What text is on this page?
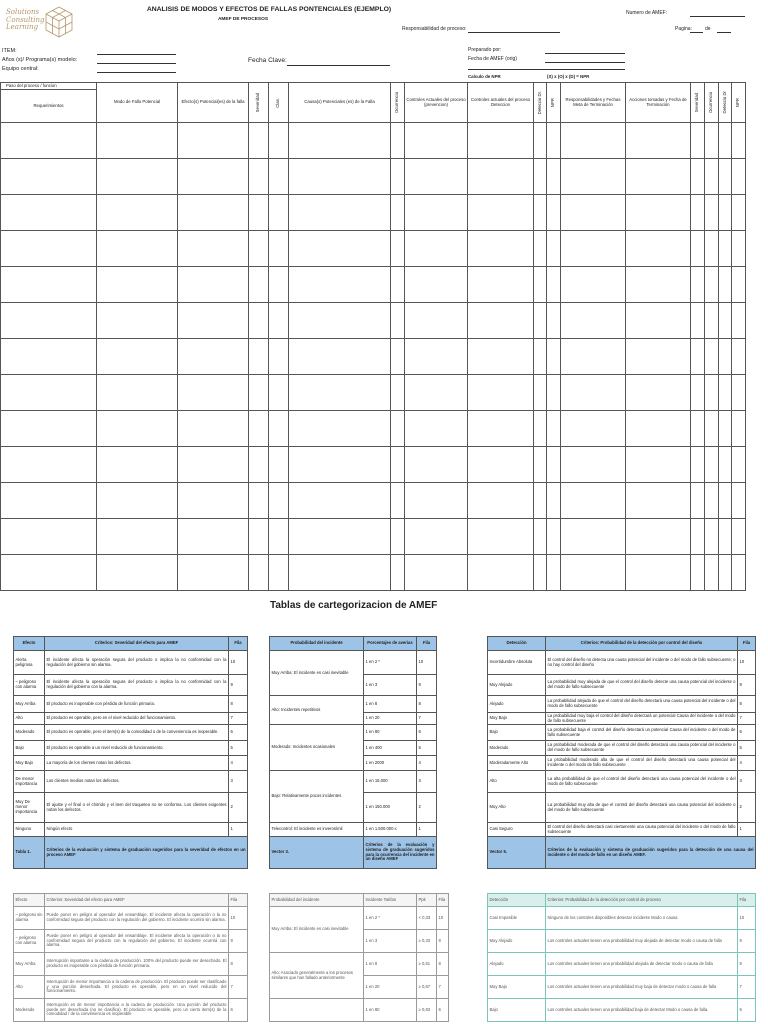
Solutions
Consulting
Learning
ANALISIS DE MODOS Y EFECTOS DE FALLAS PONTENCIALES (EJEMPLO)
AMEF DE PROCESOS
Numero de AMEF:
Responsabilidad de proceso:	Pagina:	de
ITEM:
Años (s)/ Programa(s) modelo:
Equipo central:
Fecha Clave:
Preparado por:
Fecha de AMEF (orig)
Calculo de NPR	(S) x (O) x (D) = NPR
Paso del proceso / funcion	Modo de Fallo Potencial	Efecto(s) Potencial(es) de la falla	Severidad	Clas.	Causa(s) Potenciales (es) de la Falla	Ocurrencia	Controles Actuales del proceso (prevencion)	Controles actuales del proceso Deteccion	Deteccio Dr.	NPR	Responsabilidades y Fechas Meta de Terminación	Acciones tomadas y Fecha de Terminación	Severidad	Ocurrencia	Deteccio Dr	NPR

Requerimientos																

Tablas de cartegorizacion de AMEF
Efecto	Criterios: Severidad del efecto para AMEF	Fila
Alerta peligrosa	El incidente afecta la operación segura del producto o implica la no conformidad con la regulación del gobierno sin alarma.	10
– peligroso con alarma	El incidente afecta la operación segura del producto o implica la no conformidad con la regulación del gobierno con la alarma.	9
Muy Arriba	El producto es inoperable con pérdida de función primaria.	8
Alto	El producto es operable, pero en el nivel reducido del funcionamiento.	7
Moderado	El producto es operable, pero el item(s) de la comodidad o de la conveniencia es inoperable.	6
Bajo	El producto es operable a un nivel reducido de funcionamiento.	5
Muy Bajo	La mayoría de los clientes notan los defectos.	4
De menor importancia	Los clientes medios notan los defectos.	3
Muy De menor importancia	El ajuste y el final o el chirrido y el item del traqueteo no se conforma. Los clientes exigentes notan los defectos.	2
Ninguno	Ningún efecto	1
Tabla 1.	Criterios de la evaluación y sistema de graduación sugeridos para la severidad de efectos en un proceso AMEF	
Probabilidad del incidente	Porcentajes de averias	Fila
Muy Arriba: El incidente es casi inevitable	1 en 2 *	10
	1 en 3	9
Alto: Incidentes repetitivos	1 en 8	8
	1 en 20	7
Moderado: Incidentes ocasionales	1 en 80	6
	1 en 400	5
	1 en 2000	4
Bajo: Relativamente pocos incidentes	1 en 15.000	3
	1 en 150.000	2
Telecontrol: El incidente es inverosímil	1 en 1.500.000 ≤	1
Vector 3.	Criterios de la evaluación y sistema de graduación sugeridos para la ocurrencia del incidente en un diseño AMEF	
Detección	Criterios: Probabilidad de la detección por control del diseño	Fila
Incertidumbre Absoluta	El control del diseño no detecta una causa potencial del incidente o del modo de fallo subsecuente; o no hay control del diseño	10
Muy Alejado	La probabilidad muy alejada de que el control del diseño detecte una causa potencial del incidente o del modo de fallo subsecuente	9
Alejado	La probabilidad alejada de que el control del diseño detectará una causa potencial del incidente o del modo de fallo subsecuente	8
Muy Bajo	La probabilidad muy baja el control del diseño detectará un potencial Causa del incidente o del modo de fallo subsecuente	7
Bajo	La probabilidad baja el control del diseño detectará un potencial Causa del incidente o del modo de fallo subsecuente	6
Moderado	La probabilidad moderada de que el control del diseño detectará una causa potencial del incidente o del modo de fallo subsecuente	5
Moderadamente Alto	La probabilidad moderado alta de que el control del diseño detectará una causa potencial del incidente o del modo de fallo subsecuente	4
Alto	La alta probabilidad de que el control del diseño detectará una causa potencial del incidente o del modo de fallo subsecuente	3
Muy Alto	La probabilidad muy alta de que el control del diseño detectará una causa potencial del incidente o del modo de fallo subsecuente	2
Casi Seguro	El control del diseño detectará casi ciertamente una causa potencial del incidente o del modo de fallo subsecuente	1
Vector 5.	Criterios de la evaluación y sistema de graduación sugeridos para la detección de una causa del incidente o del modo de fallo en un diseño AMEF.	
Efecto	Criterios: Severidad del efecto para AMEF	Fila
– peligroso sin alarma	Puede poner en peligro al operador del ensamblaje. El incidente afecta la operación o la no conformidad segura del producto con la regulación del gobierno. El incidente ocurrirá sin alarma.	10
– peligroso con alarma	Puede poner en peligro al operador del ensamblaje. El incidente afecta la operación o la no conformidad segura del producto con la regulación del gobierno. El incidente ocurrirá con alarma.	9
Muy Arriba	Interrupción importante a la cadena de producción. 100% del producto puede ser desechado. El producto es inoperable con pérdida de función primaria.	8
Alto	Interrupción de menor importancia a la cadena de producción. El producto puede ser clasificado y una porción desechada. El producto es operable, pero en un nivel reducido del funcionamiento.	7
Moderado	Interrupción es de menor importancia a la cadena de producción. Una porción del producto puede ser desechada (no se clasifica). El producto es operable, pero un cierto item(s) de la comodidad / de la conveniencia es inoperable	6
Probabilidad del incidente	Incidente Tarifas	Ppk	Fila
Muy Arriba: El incidente es casi inevitable	1 en 2 *	< 0,33	10
	1 en 3	≥ 0,33	9
Alto: Asociado generalmente a los procesos similares que han fallado anteriormente	1 en 8	≥ 0,51	8
	1 en 20	≥ 0,67	7
	1 en 80	≥ 0,83	6
Detección	Criterios: Probabilidad de la detección por control de proceso	Fila
Casi Imposible	Ninguno de los controles disponibles detectar incidente Modo o causa	10
Muy Alejado	Los controles actuales tienen una probabilidad muy alejada de detectar modo o causa de falla	9
Alejado	Los controles actuales tienen una probabilidad alejada de detectar modo o causa de falla	8
Muy Bajo	Los controles actuales tienen una probabilidad muy baja de detectar modo o causa de falla	7
Bajo	Los controles actuales tienen una probabilidad baja de detectar Modo o causa de falla.	6
